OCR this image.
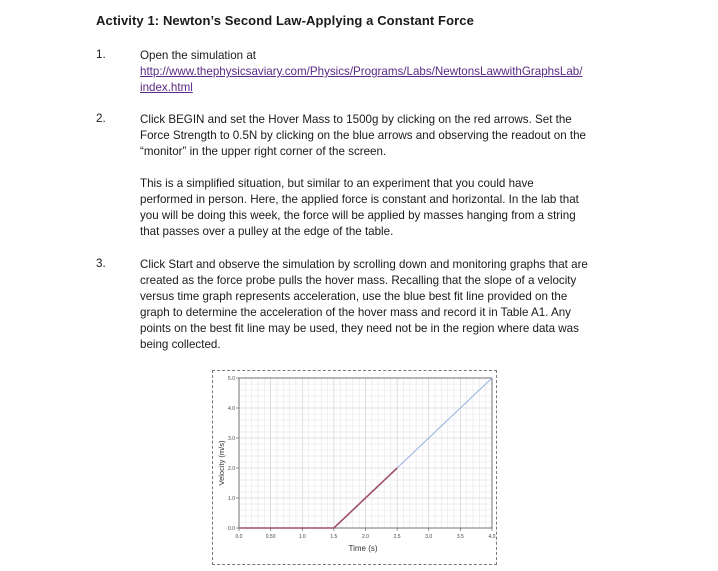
Activity 1: Newton’s Second Law-Applying a Constant Force
1.	Open the simulation at
http://www.thephysicsaviary.com/Physics/Programs/Labs/NewtonsLawwithGraphsLab/
index.html
2.	Click BEGIN and set the Hover Mass to 1500g by clicking on the red arrows. Set the
Force Strength to 0.5N by clicking on the blue arrows and observing the readout on the
“monitor” in the upper right corner of the screen.
This is a simplified situation, but similar to an experiment that you could have
performed in person. Here, the applied force is constant and horizontal. In the lab that
you will be doing this week, the force will be applied by masses hanging from a string
that passes over a pulley at the edge of the table.
3.	Click Start and observe the simulation by scrolling down and monitoring graphs that are
created as the force probe pulls the hover mass. Recalling that the slope of a velocity
versus time graph represents acceleration, use the blue best fit line provided on the
graph to determine the acceleration of the hover mass and record it in Table A1. Any
points on the best fit line may be used, they need not be in the region where data was
being collected.
0.0	0.50	1.0	1.5	2.0	2.5	3.0	3.5	4.0
0.0
1.0
2.0
3.0
4.0
5.0
Time (s)
Velocity (m/s)
